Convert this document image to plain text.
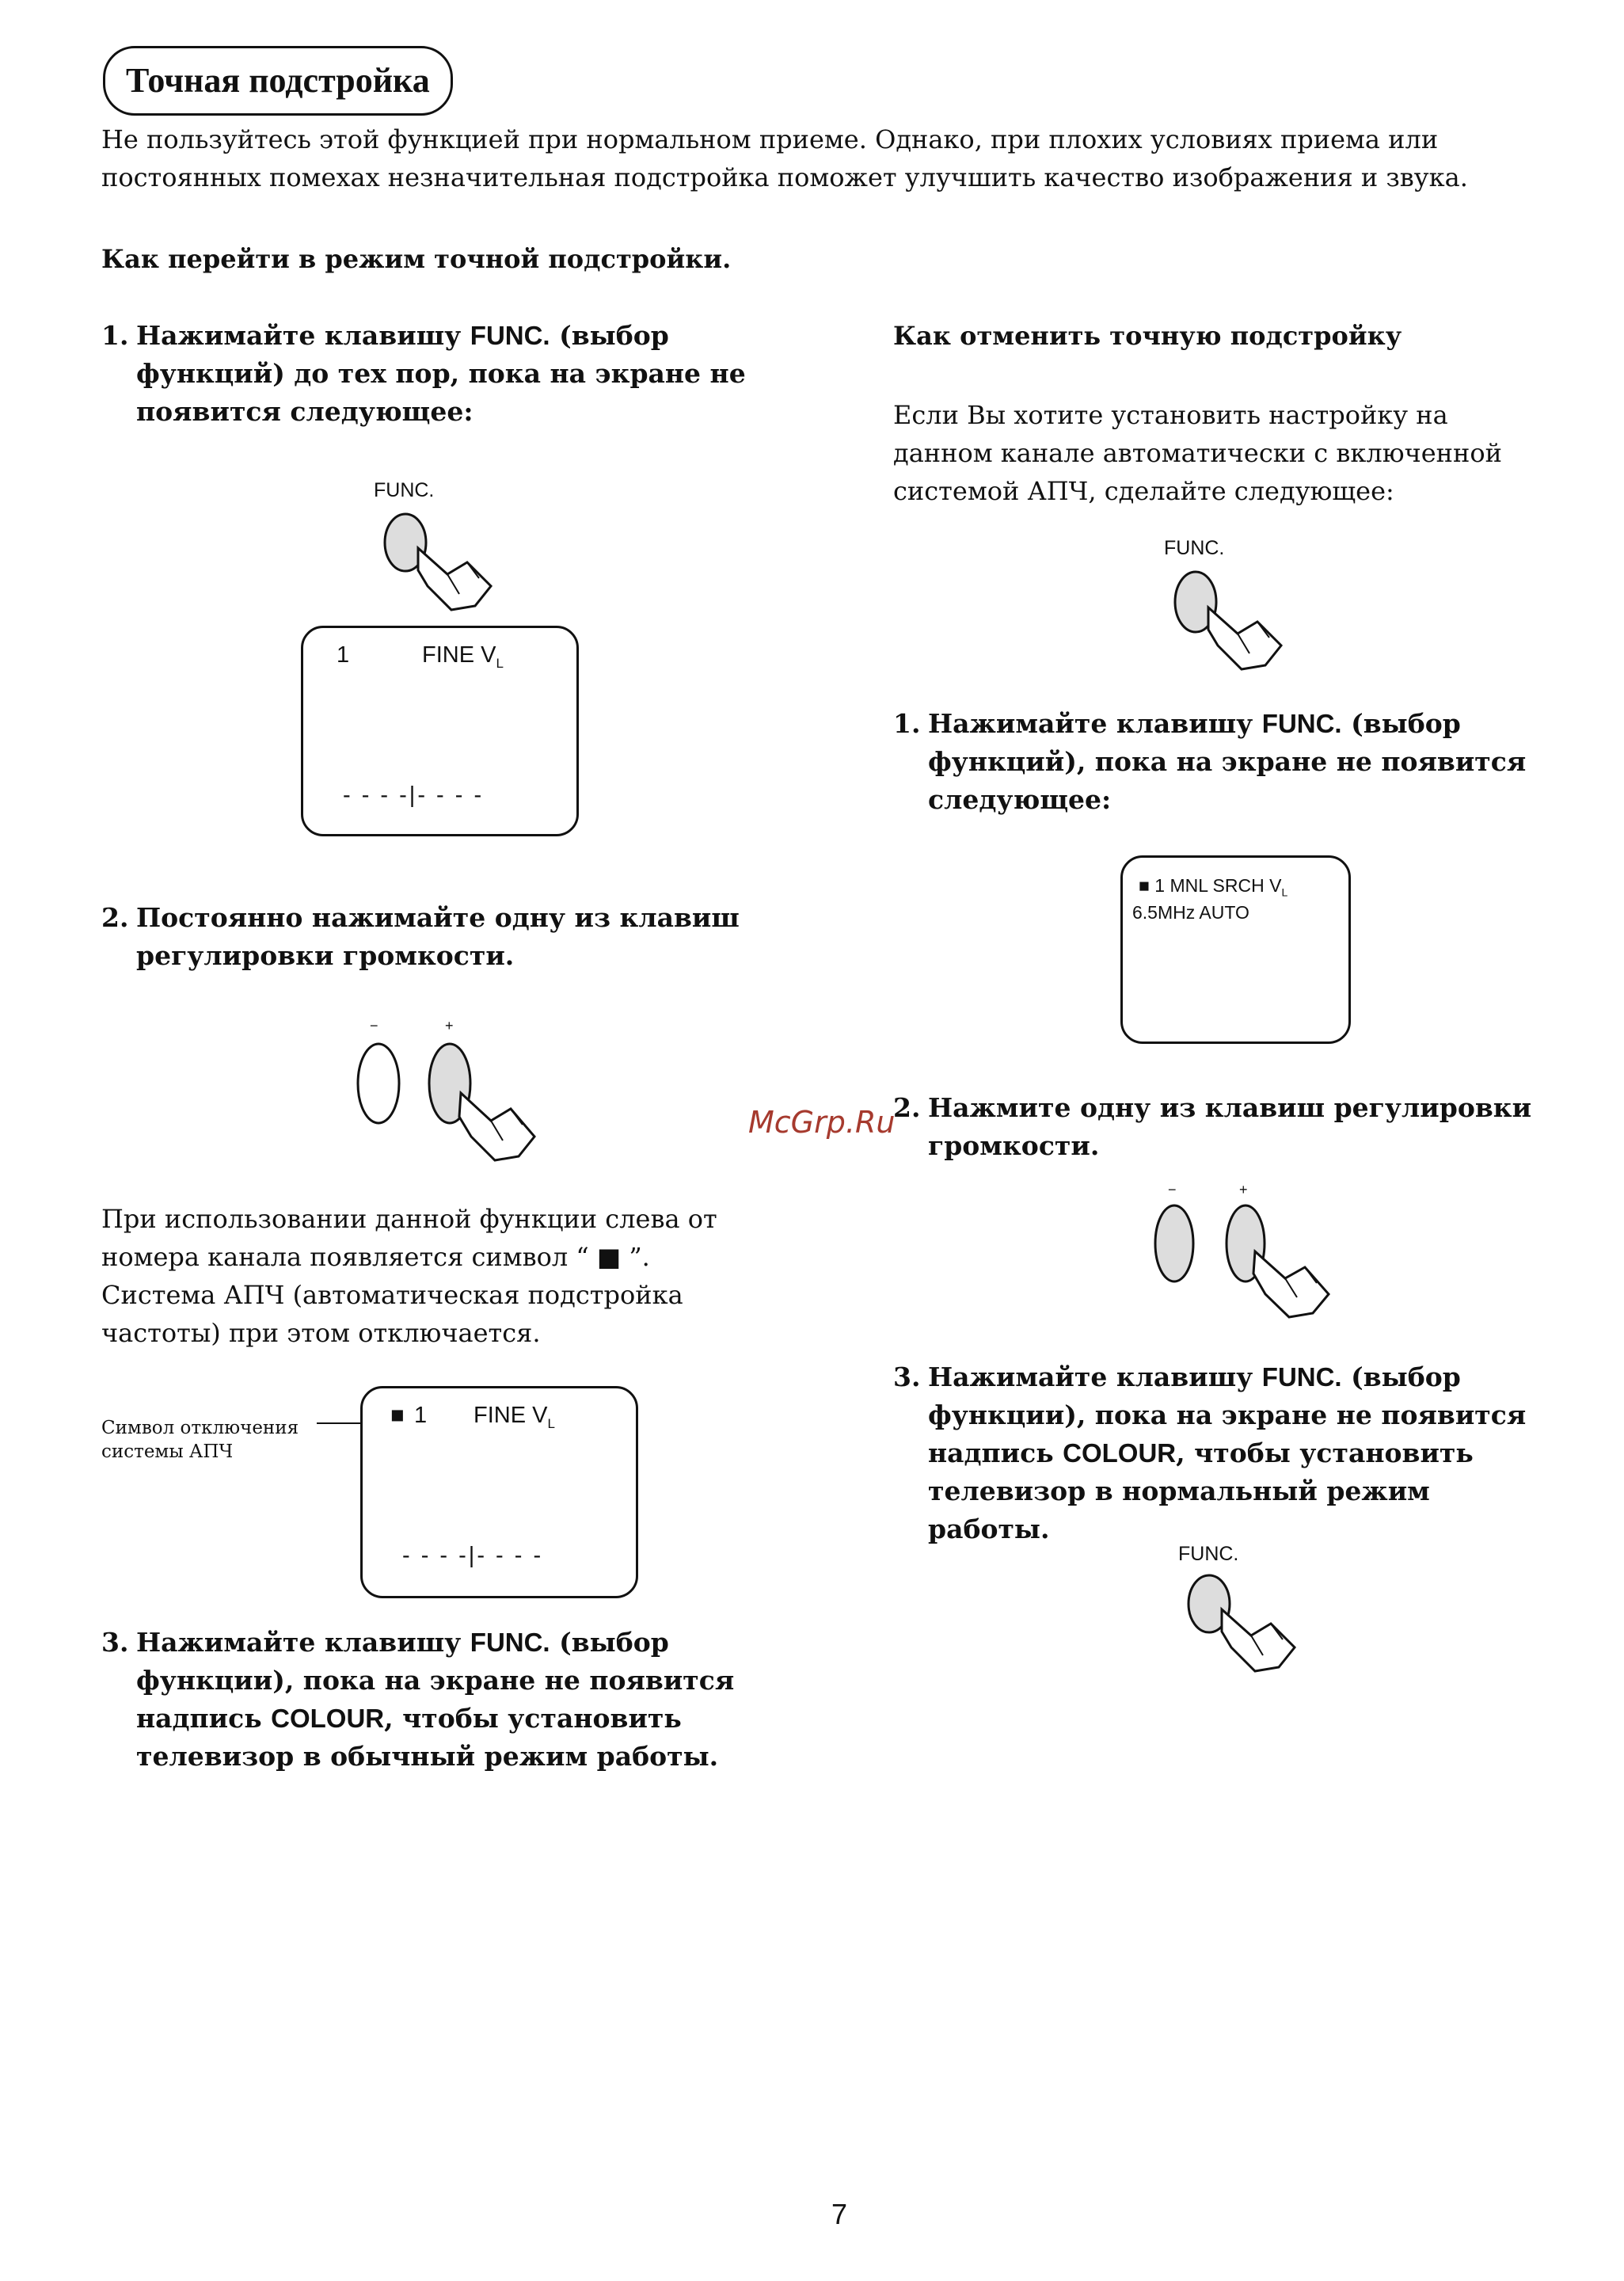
Точная подстройка
Не пользуйтесь этой функцией при нормальном приеме. Однако, при плохих условиях приема или постоянных помехах незначительная подстройка поможет улучшить качество изображения и звука.
Как перейти в режим точной подстройки.
1. Нажимайте клавишу FUNC. (выбор функций) до тех пор, пока на экране не появится следующее:
FUNC.
1	FINE $V_L$
- - - -|- - - -
2. Постоянно нажимайте одну из клавиш регулировки громкости.
−	+
При использовании данной функции слева от номера канала появляется символ “ ■ ”. Система АПЧ (автоматическая подстройка частоты) при этом отключается.
Символ отключения системы АПЧ
■ 1 FINE $V_L$
- - - -|- - - -
3. Нажимайте клавишу FUNC. (выбор функции), пока на экране не появится надпись COLOUR, чтобы установить телевизор в обычный режим работы.
Как отменить точную подстройку
Если Вы хотите установить настройку на данном канале автоматически с включенной системой АПЧ, сделайте следующее:
FUNC.
1. Нажимайте клавишу FUNC. (выбор функций), пока на экране не появится следующее:
■ 1 MNL SRCH $V_L$
6.5MHz AUTO
2. Нажмите одну из клавиш регулировки громкости.
−	+
3. Нажимайте клавишу FUNC. (выбор функции), пока на экране не появится надпись COLOUR, чтобы установить телевизор в нормальный режим работы.
FUNC.
McGrp.Ru
7
